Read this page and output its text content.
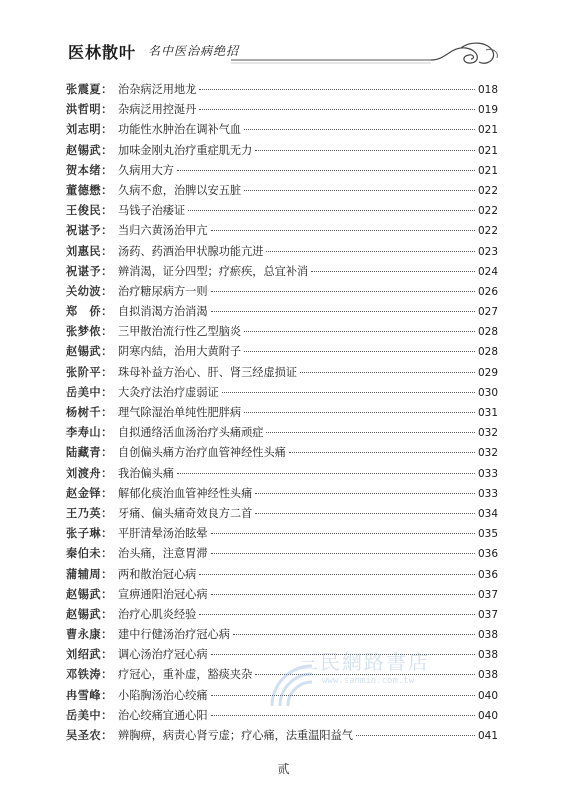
医林散叶 名中医治病绝招
张震夏： 治杂病泛用地龙	018
洪哲明： 杂病泛用控涎丹	019
刘志明： 功能性水肿治在调补气血	021
赵锡武： 加味金刚丸治疗重症肌无力	021
贺本绪： 久病用大方	021
董德懋： 久病不愈，治脾以安五脏	022
王俊民： 马钱子治痿证	022
祝谌予： 当归六黄汤治甲亢	022
刘惠民： 汤药、药酒治甲状腺功能亢进	023
祝谌予： 辨消渴，证分四型；疗瘀疾，总宜补消	024
关幼波： 治疗糖尿病方一则	026
郑　侨： 自拟消渴方治消渴	027
张梦侬： 三甲散治流行性乙型脑炎	028
赵锡武： 阴寒内結，治用大黄附子	028
张阶平： 珠母补益方治心、肝、肾三经虚损证	029
岳美中： 大灸疗法治疗虚弱证	030
杨树千： 理气除湿治单纯性肥胖病	031
李寿山： 自拟通络活血汤治疗头痛顽症	032
陆藏青： 自创偏头痛方治疗血管神经性头痛	032
刘渡舟： 我治偏头痛	033
赵金铎： 解郁化痰治血管神经性头痛	033
王乃英： 牙痛、偏头痛奇效良方二首	034
张子琳： 平肝清晕汤治眩晕	035
秦伯未： 治头痛，注意胃滞	036
蒲辅周： 两和散治冠心病	036
赵锡武： 宣痹通阳治冠心病	037
赵锡武： 治疗心肌炎经验	037
曹永康： 建中行健汤治疗冠心病	038
刘绍武： 调心汤治疗冠心病	038
邓铁涛： 疗冠心，重补虚，豁痰夹杂	038
冉雪峰： 小陷胸汤治心绞痛	040
岳美中： 治心绞痛宜通心阳	040
吴圣农： 辨胸痹，病责心肾亏虚；疗心痛，法重温阳益气	041
三民網路書店
www.sanmin.com.tw
贰
